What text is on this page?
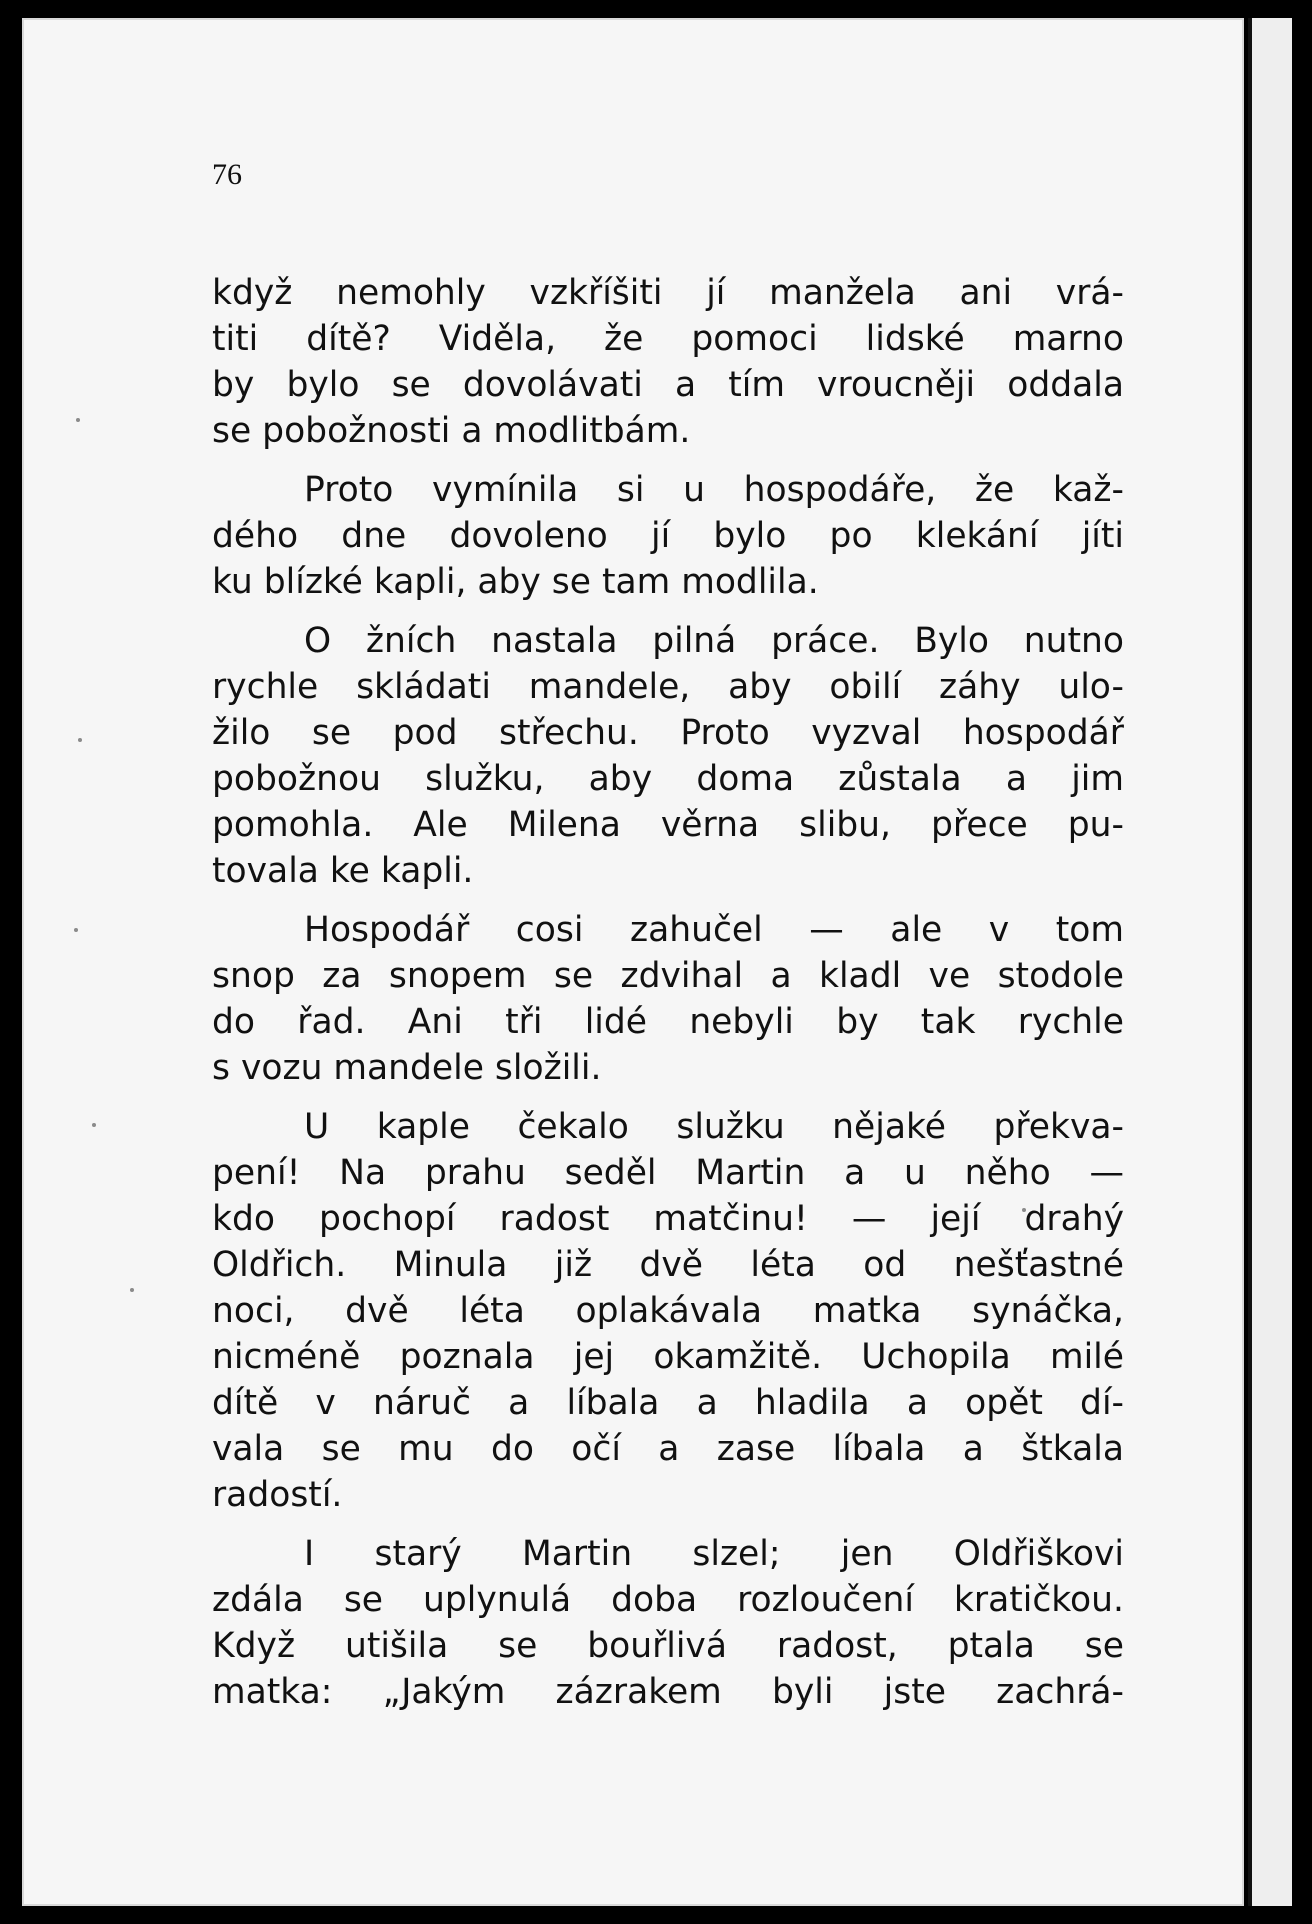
76

když nemohly vzkříšiti jí manžela ani vrá-
titi dítě? Viděla, že pomoci lidské marno
by bylo se dovolávati a tím vroucněji oddala
se pobožnosti a modlitbám.
Proto vymínila si u hospodáře, že kaž-
dého dne dovoleno jí bylo po klekání jíti
ku blízké kapli, aby se tam modlila.
O žních nastala pilná práce. Bylo nutno
rychle skládati mandele, aby obilí záhy ulo-
žilo se pod střechu. Proto vyzval hospodář
pobožnou služku, aby doma zůstala a jim
pomohla. Ale Milena věrna slibu, přece pu-
tovala ke kapli.
Hospodář cosi zahučel — ale v tom
snop za snopem se zdvihal a kladl ve stodole
do řad. Ani tři lidé nebyli by tak rychle
s vozu mandele složili.
U kaple čekalo služku nějaké překva-
pení! Na prahu seděl Martin a u něho —
kdo pochopí radost matčinu! — její drahý
Oldřich. Minula již dvě léta od nešťastné
noci, dvě léta oplakávala matka synáčka,
nicméně poznala jej okamžitě. Uchopila milé
dítě v náruč a líbala a hladila a opět dí-
vala se mu do očí a zase líbala a štkala
radostí.
I starý Martin slzel; jen Oldřiškovi
zdála se uplynulá doba rozloučení kratičkou.
Když utišila se bouřlivá radost, ptala se
matka: „Jakým zázrakem byli jste zachrá-
